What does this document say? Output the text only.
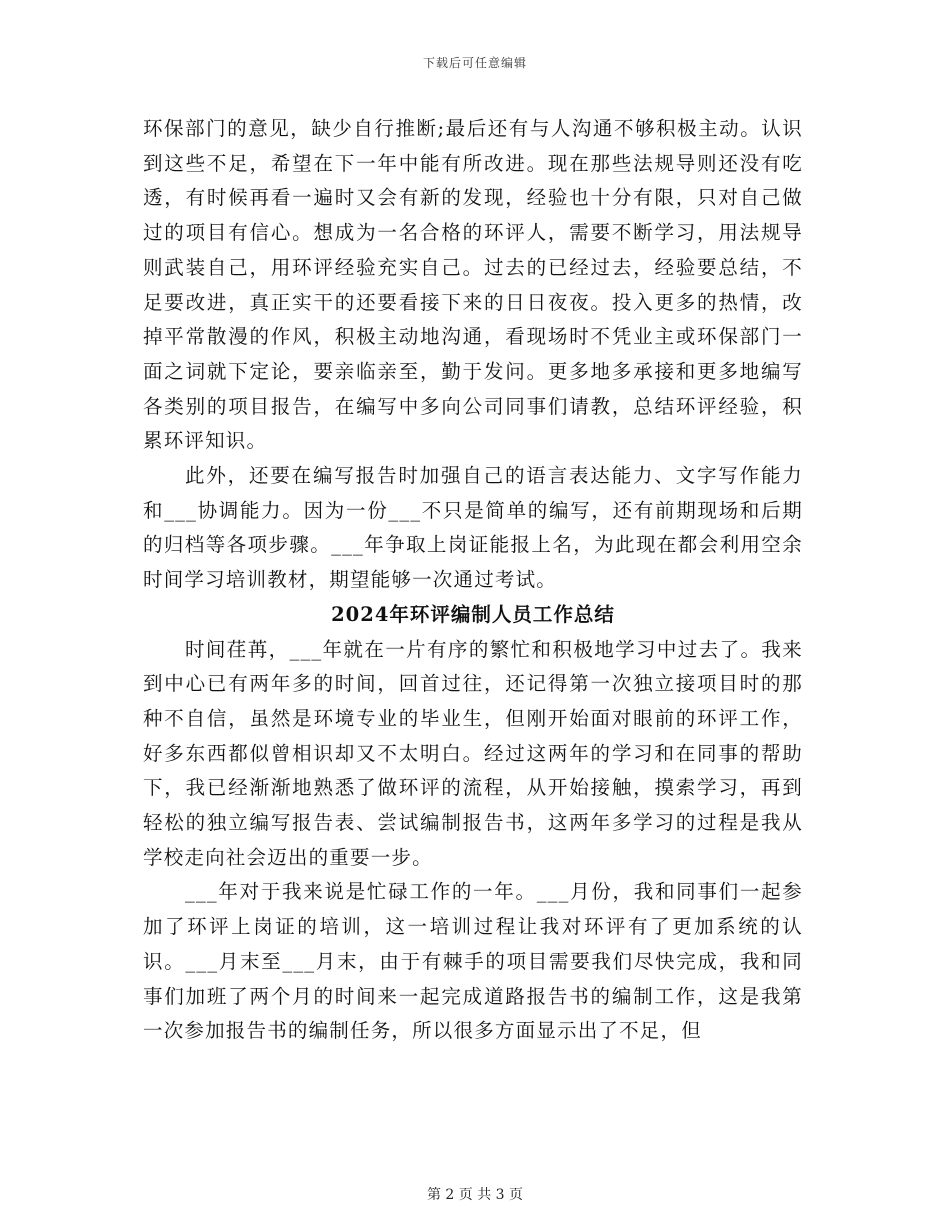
下载后可任意编辑

环保部门的意见，缺少自行推断;最后还有与人沟通不够积极主动。认识到这些不足，希望在下一年中能有所改进。现在那些法规导则还没有吃透，有时候再看一遍时又会有新的发现，经验也十分有限，只对自己做过的项目有信心。想成为一名合格的环评人，需要不断学习，用法规导则武装自己，用环评经验充实自己。过去的已经过去，经验要总结，不足要改进，真正实干的还要看接下来的日日夜夜。投入更多的热情，改掉平常散漫的作风，积极主动地沟通，看现场时不凭业主或环保部门一面之词就下定论，要亲临亲至，勤于发问。更多地多承接和更多地编写各类别的项目报告，在编写中多向公司同事们请教，总结环评经验，积累环评知识。

此外，还要在编写报告时加强自己的语言表达能力、文字写作能力和___协调能力。因为一份___不只是简单的编写，还有前期现场和后期的归档等各项步骤。___年争取上岗证能报上名，为此现在都会利用空余时间学习培训教材，期望能够一次通过考试。

2024年环评编制人员工作总结

时间荏苒，___年就在一片有序的繁忙和积极地学习中过去了。我来到中心已有两年多的时间，回首过往，还记得第一次独立接项目时的那种不自信，虽然是环境专业的毕业生，但刚开始面对眼前的环评工作，好多东西都似曾相识却又不太明白。经过这两年的学习和在同事的帮助下，我已经渐渐地熟悉了做环评的流程，从开始接触，摸索学习，再到轻松的独立编写报告表、尝试编制报告书，这两年多学习的过程是我从学校走向社会迈出的重要一步。

___年对于我来说是忙碌工作的一年。___月份，我和同事们一起参加了环评上岗证的培训，这一培训过程让我对环评有了更加系统的认识。___月末至___月末，由于有棘手的项目需要我们尽快完成，我和同事们加班了两个月的时间来一起完成道路报告书的编制工作，这是我第一次参加报告书的编制任务，所以很多方面显示出了不足，但

第 2 页 共 3 页
